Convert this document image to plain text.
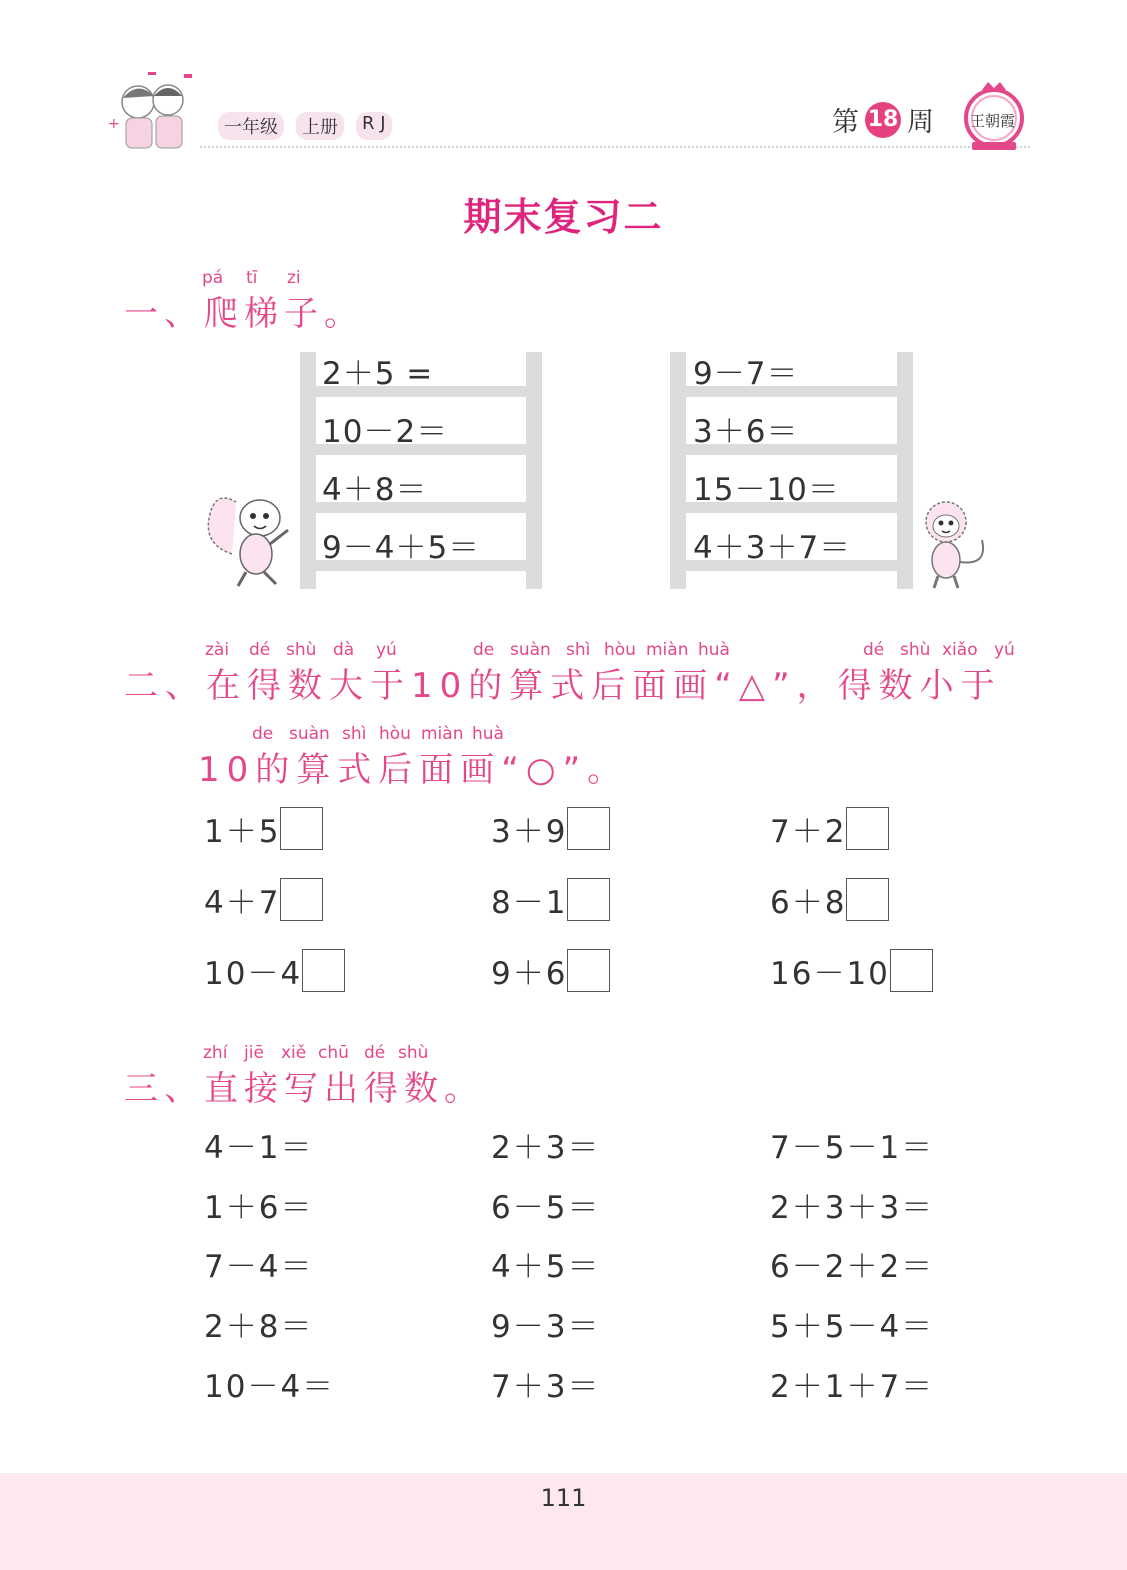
+	一年级	上册	R J	第 18 周 王朝霞
期末复习二
pá tī zi
一、爬梯子。
2＋5 =
10－2＝
4＋8＝
9－4＋5＝
9－7＝
3＋6＝
15－10＝
4＋3＋7＝
zài dé shù dà yú	de suàn shì hòu miàn huà	dé shù xiǎo yú
二、在得数大于10的算式后面画“△”，得数小于
de suàn shì hòu miàn huà
10的算式后面画“○”。
1＋5	3＋9	7＋2
4＋7	8－1	6＋8
10－4	9＋6	16－10
zhí jiē xiě chū dé shù
三、直接写出得数。
4－1＝	2＋3＝	7－5－1＝
1＋6＝	6－5＝	2＋3＋3＝
7－4＝	4＋5＝	6－2＋2＝
2＋8＝	9－3＝	5＋5－4＝
10－4＝	7＋3＝	2＋1＋7＝
111
